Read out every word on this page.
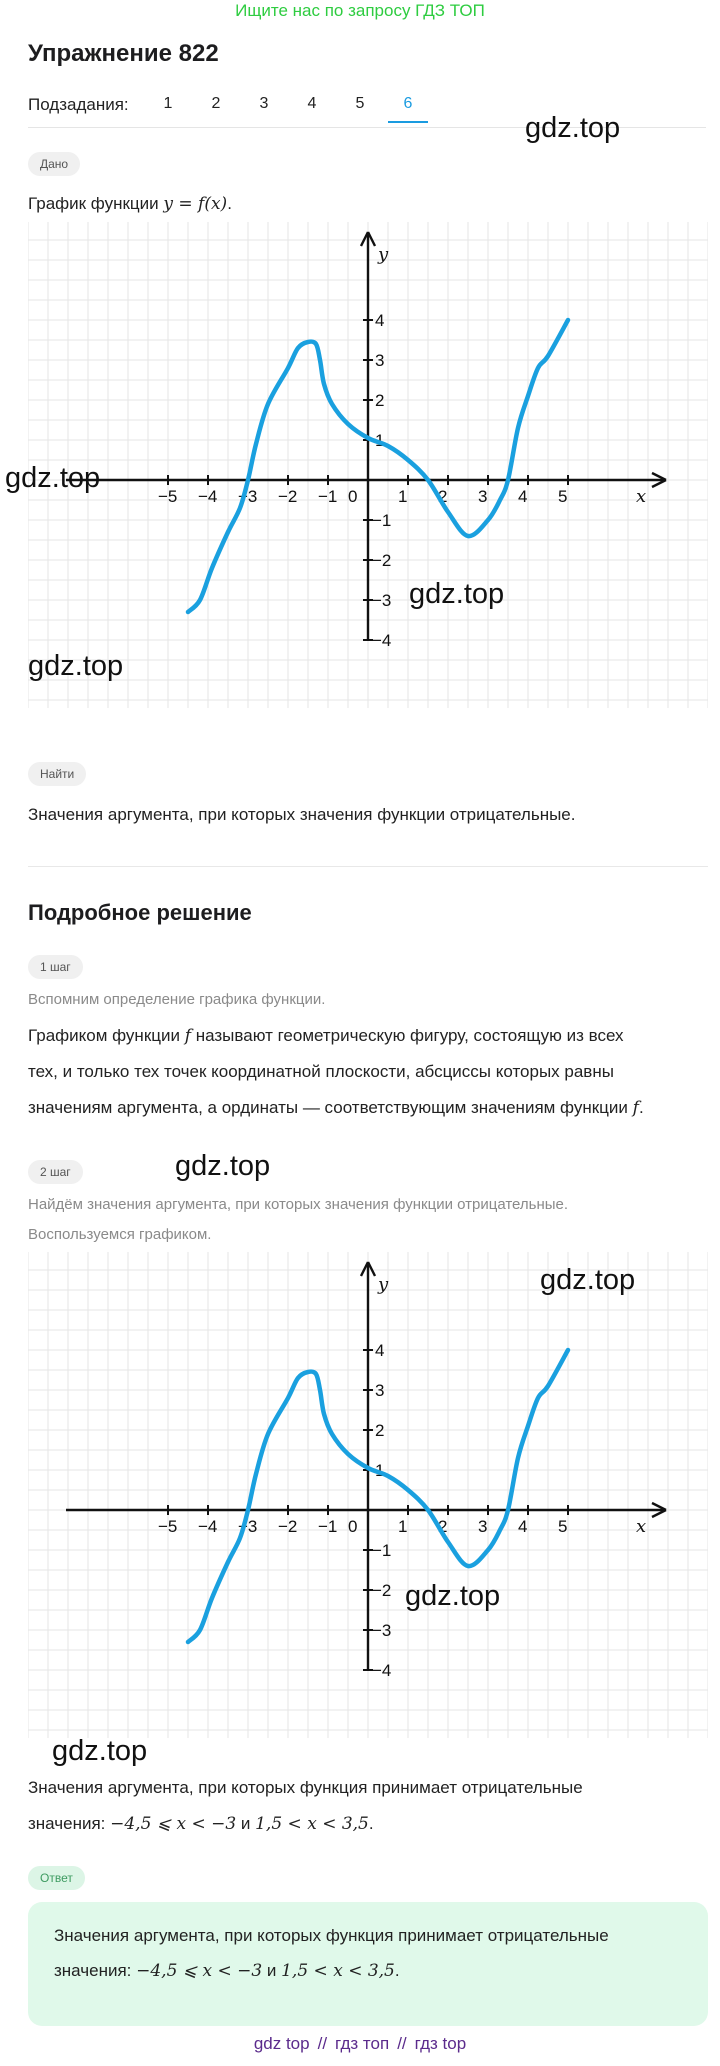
Ищите нас по запросу ГДЗ ТОП
Упражнение 822
Подзадания:	1	2	3	4	5	6
Дано
График функции y = f(x).
x
y
−5 −4 −3 −2 −1 0 1 2 3 4 5
1
2
3
4
−1
−2
−3
−4
Найти
Значения аргумента, при которых значения функции отрицательные.
Подробное решение
1 шаг
Вспомним определение графика функции.
Графиком функции f называют геометрическую фигуру, состоящую из всех
тех, и только тех точек координатной плоскости, абсциссы которых равны
значениям аргумента, а ординаты — соответствующим значениям функции f.
2 шаг
Найдём значения аргумента, при которых значения функции отрицательные.
Воспользуемся графиком.
x
y
−5 −4 −3 −2 −1 0 1 2 3 4 5
1
2
3
4
−1
−2
−3
−4
Значения аргумента, при которых функция принимает отрицательные
значения: −4,5 ⩽ x < −3 и 1,5 < x < 3,5.
Ответ
Значения аргумента, при которых функция принимает отрицательные
значения: −4,5 ⩽ x < −3 и 1,5 < x < 3,5.
gdz.top
gdz.top
gdz.top
gdz.top
gdz.top
gdz.top
gdz.top
gdz.top
gdz top // гдз топ // гдз top
